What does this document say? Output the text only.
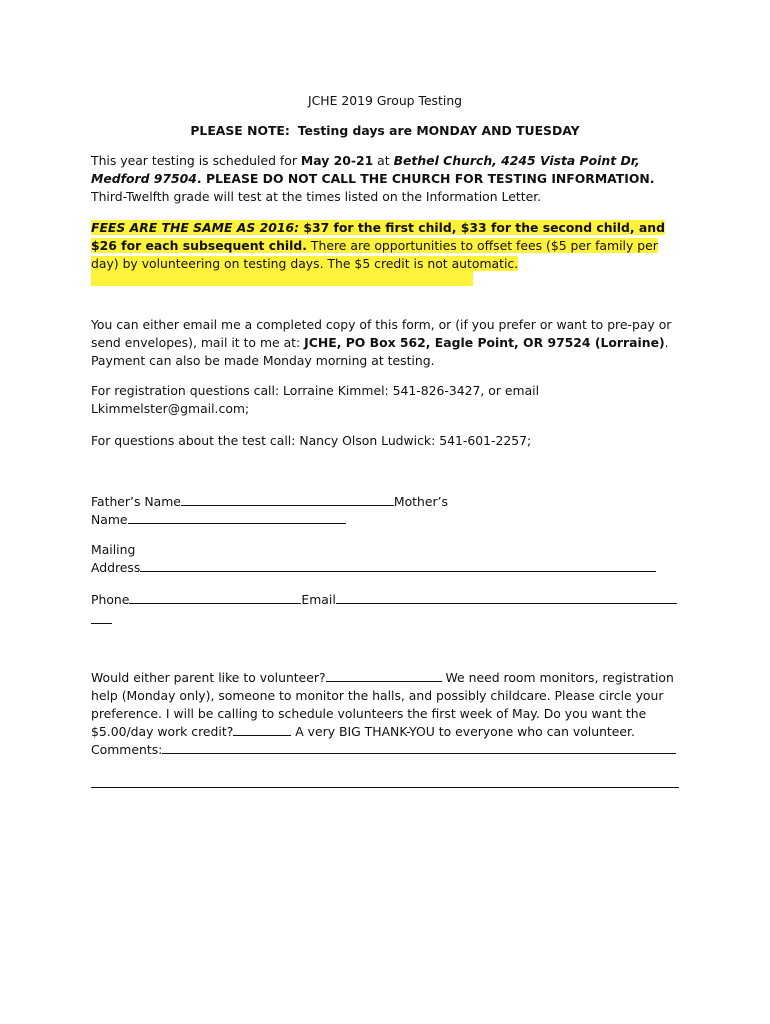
JCHE 2019 Group Testing
PLEASE NOTE: Testing days are MONDAY AND TUESDAY
This year testing is scheduled for May 20-21 at Bethel Church, 4245 Vista Point Dr, Medford 97504. PLEASE DO NOT CALL THE CHURCH FOR TESTING INFORMATION. Third-Twelfth grade will test at the times listed on the Information Letter.
FEES ARE THE SAME AS 2016: $37 for the first child, $33 for the second child, and $26 for each subsequent child. There are opportunities to offset fees ($5 per family per day) by volunteering on testing days. The $5 credit is not automatic.
You can either email me a completed copy of this form, or (if you prefer or want to pre-pay or send envelopes), mail it to me at: JCHE, PO Box 562, Eagle Point, OR 97524 (Lorraine). Payment can also be made Monday morning at testing.
For registration questions call: Lorraine Kimmel: 541-826-3427, or email Lkimmelster@gmail.com;
For questions about the test call: Nancy Olson Ludwick: 541-601-2257;
Father’s Name	Mother’s
Name
Mailing
Address
Phone	Email
Would either parent like to volunteer?	We need room monitors, registration help (Monday only), someone to monitor the halls, and possibly childcare. Please circle your preference. I will be calling to schedule volunteers the first week of May. Do you want the $5.00/day work credit?	A very BIG THANK-YOU to everyone who can volunteer.
Comments:
